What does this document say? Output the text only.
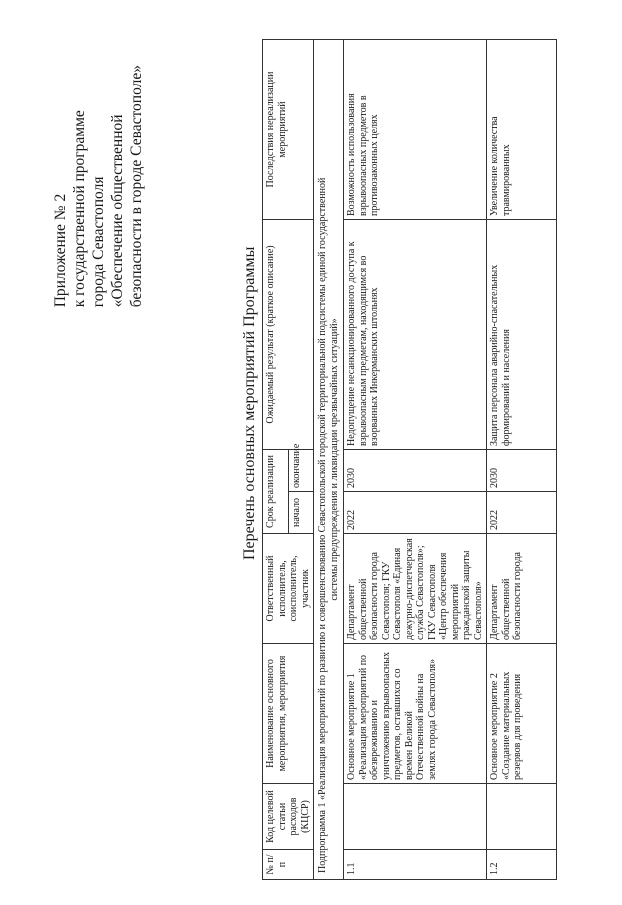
Приложение № 2 к государственной программе города Севастополя «Обеспечение общественной безопасности в городе Севастополе»
Перечень основных мероприятий Программы
№ п/п	Код целевой статьи расходов (КЦСР)	Наименование основного мероприятия, мероприятия	Ответственный исполнитель, соисполнитель, участник	Срок реализации		Ожидаемый результат (краткое описание)	Последствия нереализации мероприятий
				начало	окончание		

Подпрограмма 1 «Реализация мероприятий по развитию и совершенствованию Севастопольской городской территориальной подсистемы единой государственной системы предупреждения и ликвидации чрезвычайных ситуаций»							

1.1		Основное мероприятие 1 «Реализация мероприятий по обезвреживанию и уничтожению взрывоопасных предметов, оставшихся со времен Великой Отечественной войны на землях города Севастополя»	Департамент общественной безопасности города Севастополя; ГКУ Севастополя «Единая дежурно-диспетчерская служба Севастополя»; ГКУ Севастополя «Центр обеспечения мероприятий гражданской защиты Севастополя»	2022	2030	Недопущение несанкционированного доступа к взрывоопасным предметам, находящимся во взорванных Инкерманских штольнях	Возможность использования взрывоопасных предметов в противозаконных целях
1.2		Основное мероприятие 2 «Создание материальных резервов для проведения	Департамент общественной безопасности города	2022	2030	Защита персонала аварийно-спасательных формирований и населения	Увеличение количества травмированных
